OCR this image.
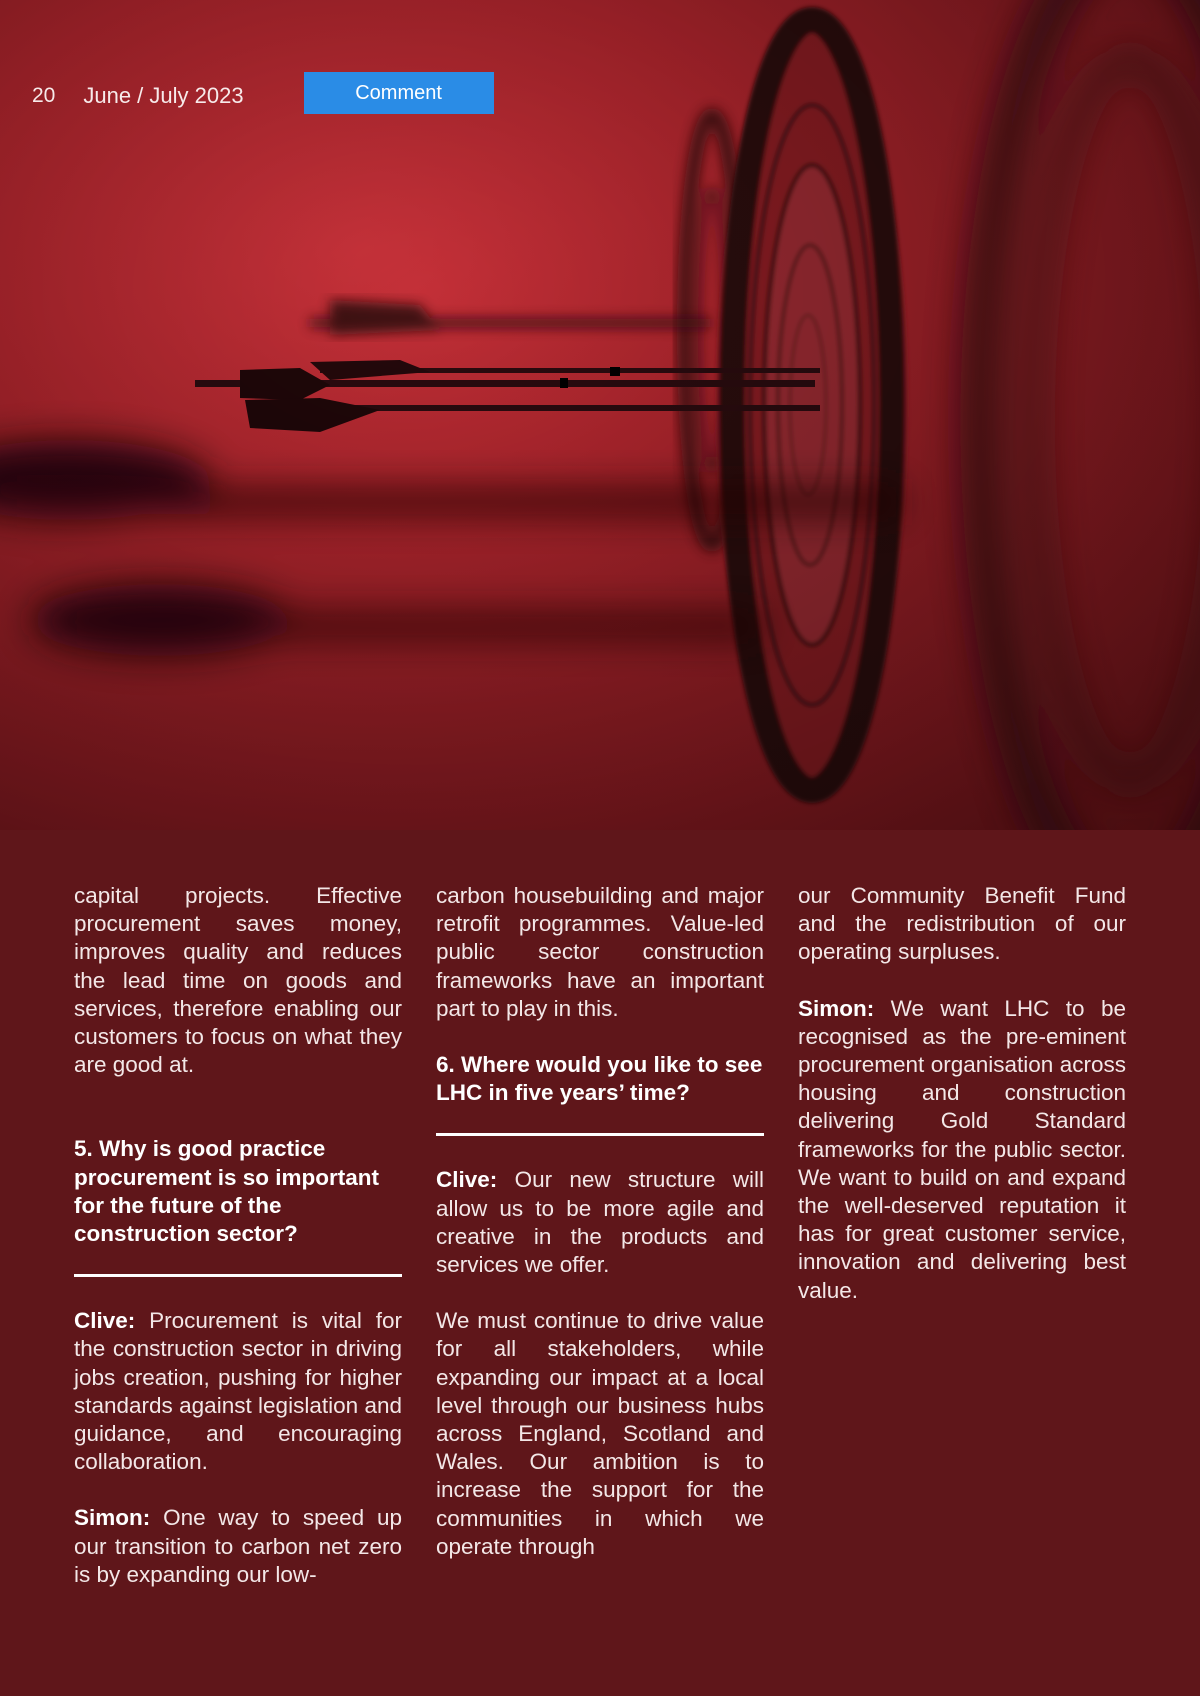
20 June / July 2023	Comment

capital projects. Effective procurement saves money, improves quality and reduces the lead time on goods and services, therefore enabling our customers to focus on what they are good at.

5. Why is good practice procurement is so important for the future of the construction sector?

Clive: Procurement is vital for the construction sector in driving jobs creation, pushing for higher standards against legislation and guidance, and encouraging collaboration.

Simon: One way to speed up our transition to carbon net zero is by expanding our low-

carbon housebuilding and major retrofit programmes. Value-led public sector construction frameworks have an important part to play in this.

6. Where would you like to see LHC in five years’ time?

Clive: Our new structure will allow us to be more agile and creative in the products and services we offer.

We must continue to drive value for all stakeholders, while expanding our impact at a local level through our business hubs across England, Scotland and Wales. Our ambition is to increase the support for the communities in which we operate through

our Community Benefit Fund and the redistribution of our operating surpluses.

Simon: We want LHC to be recognised as the pre-eminent procurement organisation across housing and construction delivering Gold Standard frameworks for the public sector. We want to build on and expand the well-deserved reputation it has for great customer service, innovation and delivering best value.
